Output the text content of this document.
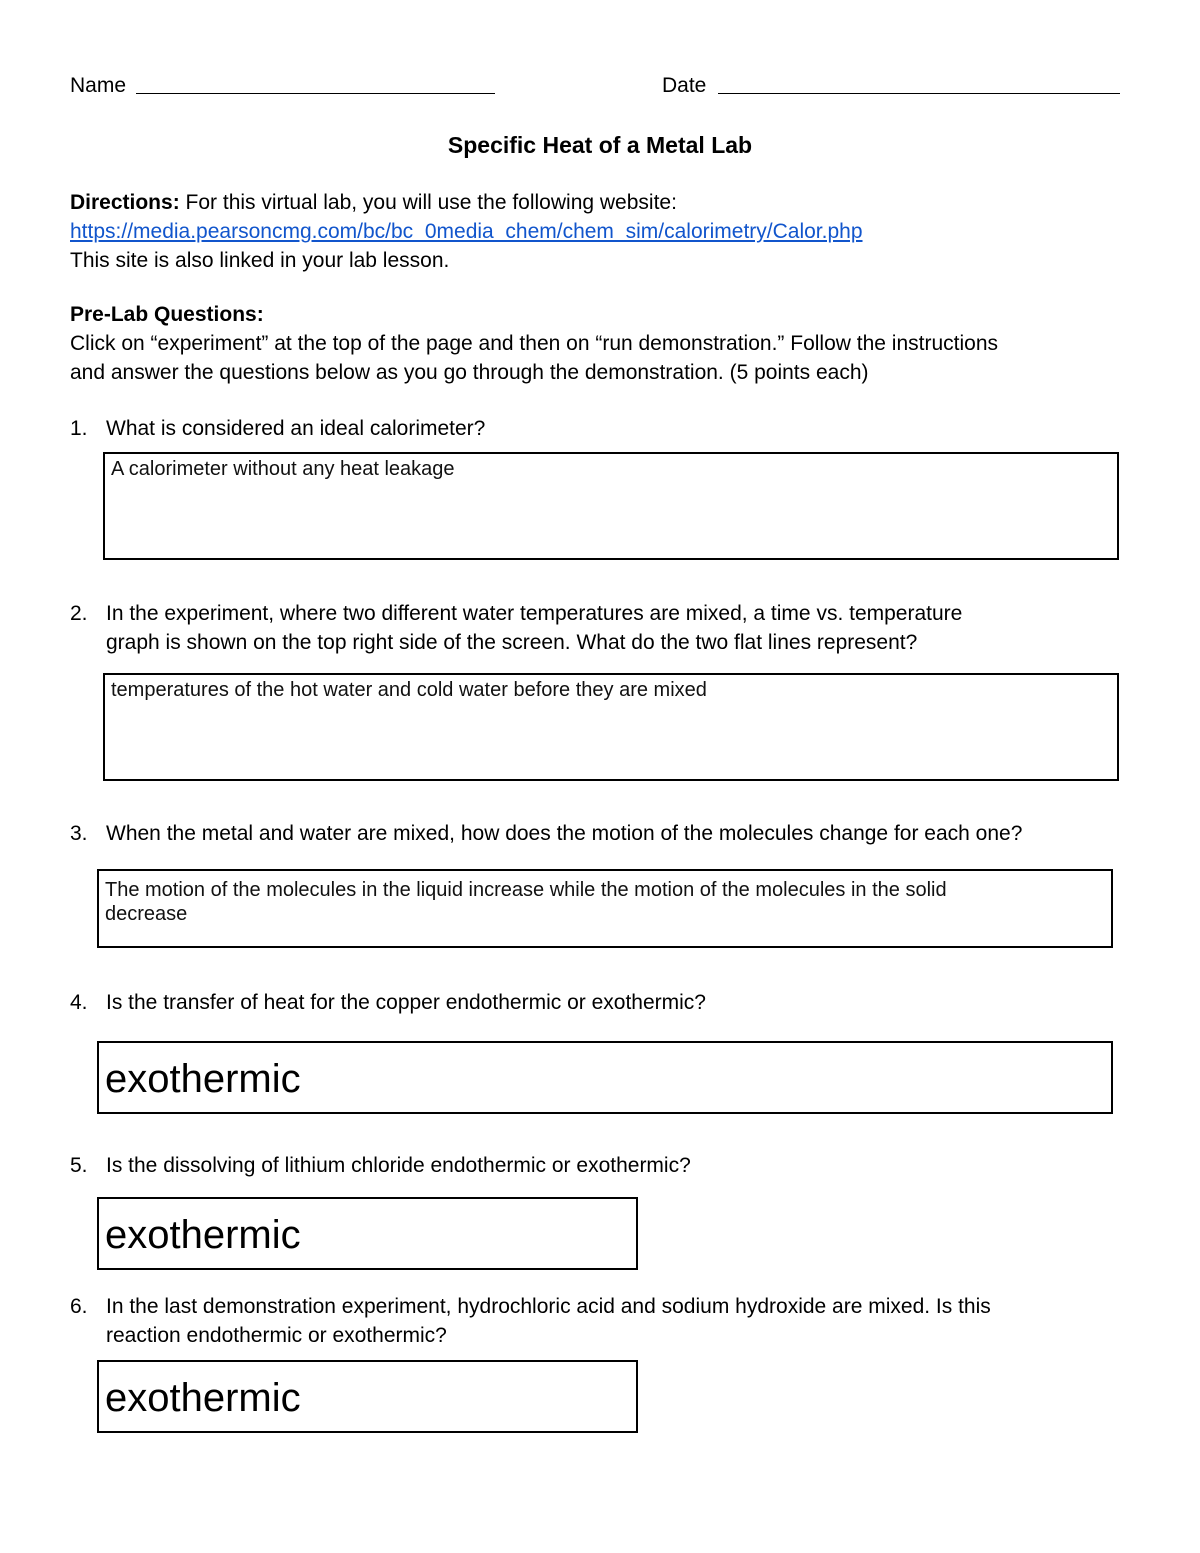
Name	Date
Specific Heat of a Metal Lab
Directions: For this virtual lab, you will use the following website:
https://media.pearsoncmg.com/bc/bc_0media_chem/chem_sim/calorimetry/Calor.php
This site is also linked in your lab lesson.
Pre-Lab Questions:
Click on “experiment” at the top of the page and then on “run demonstration.” Follow the instructions
and answer the questions below as you go through the demonstration. (5 points each)
1. What is considered an ideal calorimeter?
A calorimeter without any heat leakage
2. In the experiment, where two different water temperatures are mixed, a time vs. temperature
graph is shown on the top right side of the screen. What do the two flat lines represent?
temperatures of the hot water and cold water before they are mixed
3. When the metal and water are mixed, how does the motion of the molecules change for each one?
The motion of the molecules in the liquid increase while the motion of the molecules in the solid
decrease
4. Is the transfer of heat for the copper endothermic or exothermic?
exothermic
5. Is the dissolving of lithium chloride endothermic or exothermic?
exothermic
6. In the last demonstration experiment, hydrochloric acid and sodium hydroxide are mixed. Is this
reaction endothermic or exothermic?
exothermic
